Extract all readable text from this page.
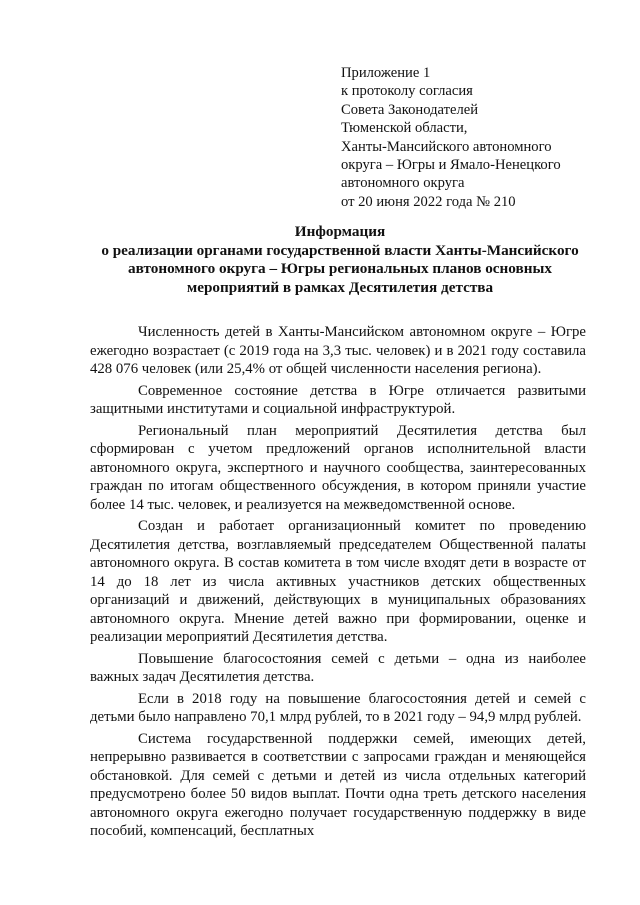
Приложение 1
к протоколу согласия
Совета Законодателей
Тюменской области,
Ханты-Мансийского автономного
округа – Югры и Ямало-Ненецкого
автономного округа
от 20 июня 2022 года № 210
Информация
о реализации органами государственной власти Ханты-Мансийского автономного округа – Югры региональных планов основных мероприятий в рамках Десятилетия детства

Численность детей в Ханты-Мансийском автономном округе – Югре ежегодно возрастает (с 2019 года на 3,3 тыс. человек) и в 2021 году составила 428 076 человек (или 25,4% от общей численности населения региона).

Современное состояние детства в Югре отличается развитыми защитными институтами и социальной инфраструктурой.

Региональный план мероприятий Десятилетия детства был сформирован с учетом предложений органов исполнительной власти автономного округа, экспертного и научного сообщества, заинтересованных граждан по итогам общественного обсуждения, в котором приняли участие более 14 тыс. человек, и реализуется на межведомственной основе.

Создан и работает организационный комитет по проведению Десятилетия детства, возглавляемый председателем Общественной палаты автономного округа. В состав комитета в том числе входят дети в возрасте от 14 до 18 лет из числа активных участников детских общественных организаций и движений, действующих в муниципальных образованиях автономного округа. Мнение детей важно при формировании, оценке и реализации мероприятий Десятилетия детства.

Повышение благосостояния семей с детьми – одна из наиболее важных задач Десятилетия детства.

Если в 2018 году на повышение благосостояния детей и семей с детьми было направлено 70,1 млрд рублей, то в 2021 году – 94,9 млрд рублей.

Система государственной поддержки семей, имеющих детей, непрерывно развивается в соответствии с запросами граждан и меняющейся обстановкой. Для семей с детьми и детей из числа отдельных категорий предусмотрено более 50 видов выплат. Почти одна треть детского населения автономного округа ежегодно получает государственную поддержку в виде пособий, компенсаций, бесплатных
